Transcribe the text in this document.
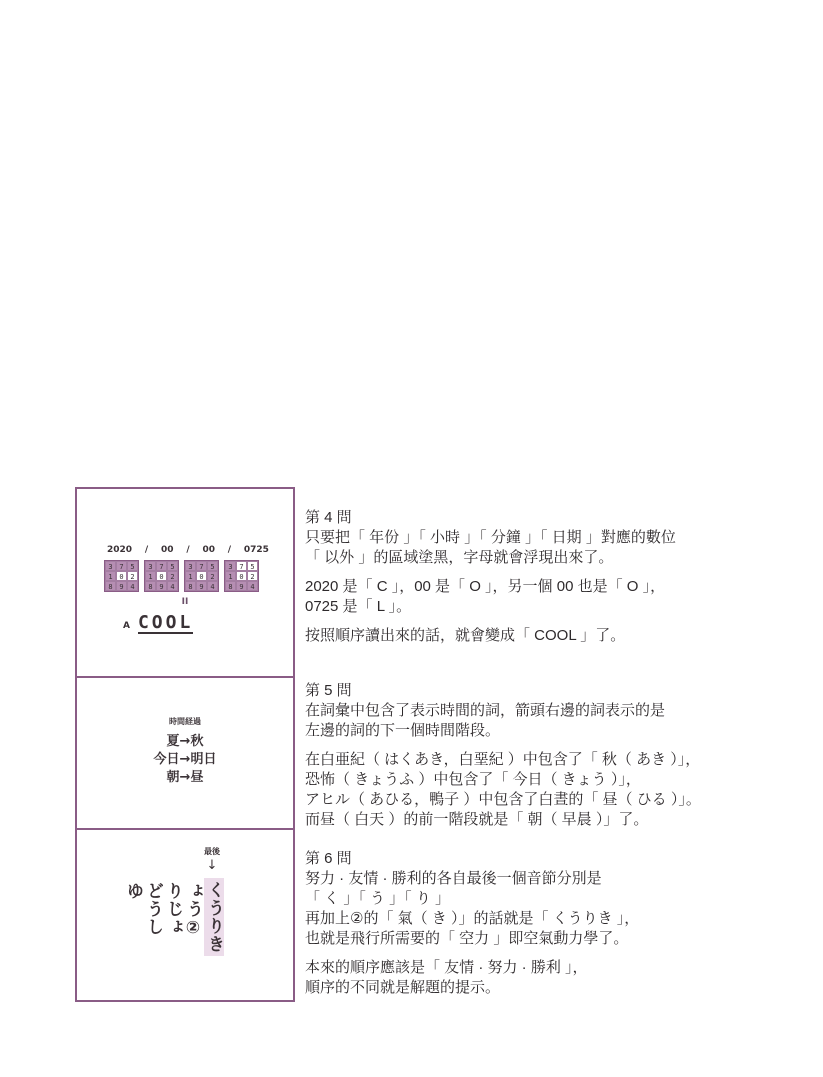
2020 / 00 / 00 / 0725
3 7 5
1 0 2
8 9 4
3 7 5
1 0 2
8 9 4
3 7 5
1 0 2
8 9 4
3 7 5
1 0 2
8 9 4
II
A COOL
時間経過
夏→秋
今日→明日
朝→昼
最後
↓
くうりき
ょう②
りじょ
どうし
ゆ

第 4 問

只要把「 年份 」「 小時 」「 分鐘 」「 日期 」對應的數位

「 以外 」的區域塗黑，字母就會浮現出來了。

2020 是「 C 」，00 是「 O 」，另一個 00 也是「 O 」，

0725 是「 L 」。

按照順序讀出來的話，就會變成「 COOL 」了。

第 5 問

在詞彙中包含了表示時間的詞，箭頭右邊的詞表示的是

左邊的詞的下一個時間階段。

在白亜紀（ はくあき，白堊紀 ）中包含了「 秋（ あき ）」，

恐怖（ きょうふ ）中包含了「 今日（ きょう ）」，

アヒル（ あひる，鴨子 ）中包含了白晝的「 昼（ ひる ）」。

而昼（ 白天 ）的前一階段就是「 朝（ 早晨 ）」了。

第 6 問

努力 · 友情 · 勝利的各自最後一個音節分別是

「 く 」「 う 」「 り 」

再加上②的「 氣（ き ）」的話就是「 くうりき 」，

也就是飛行所需要的「 空力 」即空氣動力學了。

本來的順序應該是「 友情 · 努力 · 勝利 」，

順序的不同就是解題的提示。
